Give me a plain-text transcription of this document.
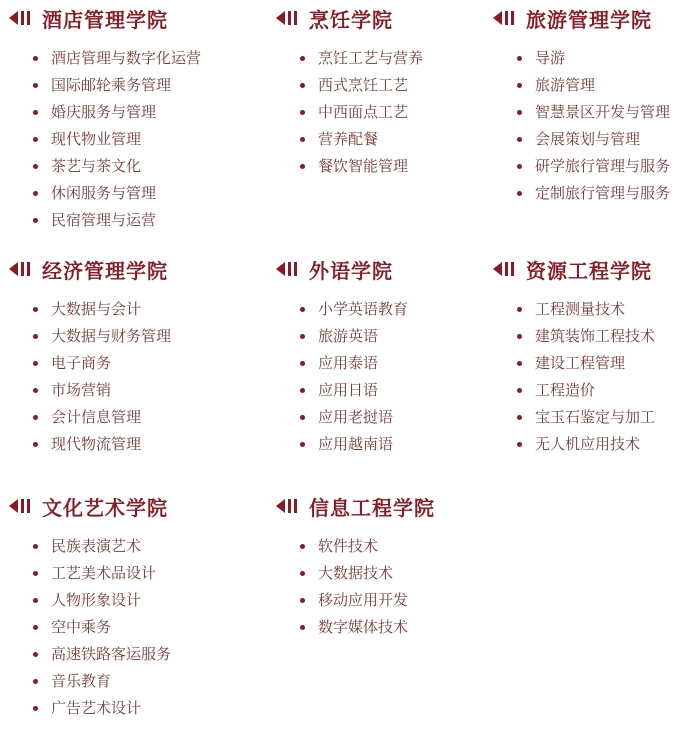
酒店管理学院
酒店管理与数字化运营
国际邮轮乘务管理
婚庆服务与管理
现代物业管理
茶艺与茶文化
休闲服务与管理
民宿管理与运营
烹饪学院
烹饪工艺与营养
西式烹饪工艺
中西面点工艺
营养配餐
餐饮智能管理
旅游管理学院
导游
旅游管理
智慧景区开发与管理
会展策划与管理
研学旅行管理与服务
定制旅行管理与服务
经济管理学院
大数据与会计
大数据与财务管理
电子商务
市场营销
会计信息管理
现代物流管理
外语学院
小学英语教育
旅游英语
应用泰语
应用日语
应用老挝语
应用越南语
资源工程学院
工程测量技术
建筑装饰工程技术
建设工程管理
工程造价
宝玉石鉴定与加工
无人机应用技术
文化艺术学院
民族表演艺术
工艺美术品设计
人物形象设计
空中乘务
高速铁路客运服务
音乐教育
广告艺术设计
信息工程学院
软件技术
大数据技术
移动应用开发
数字媒体技术
